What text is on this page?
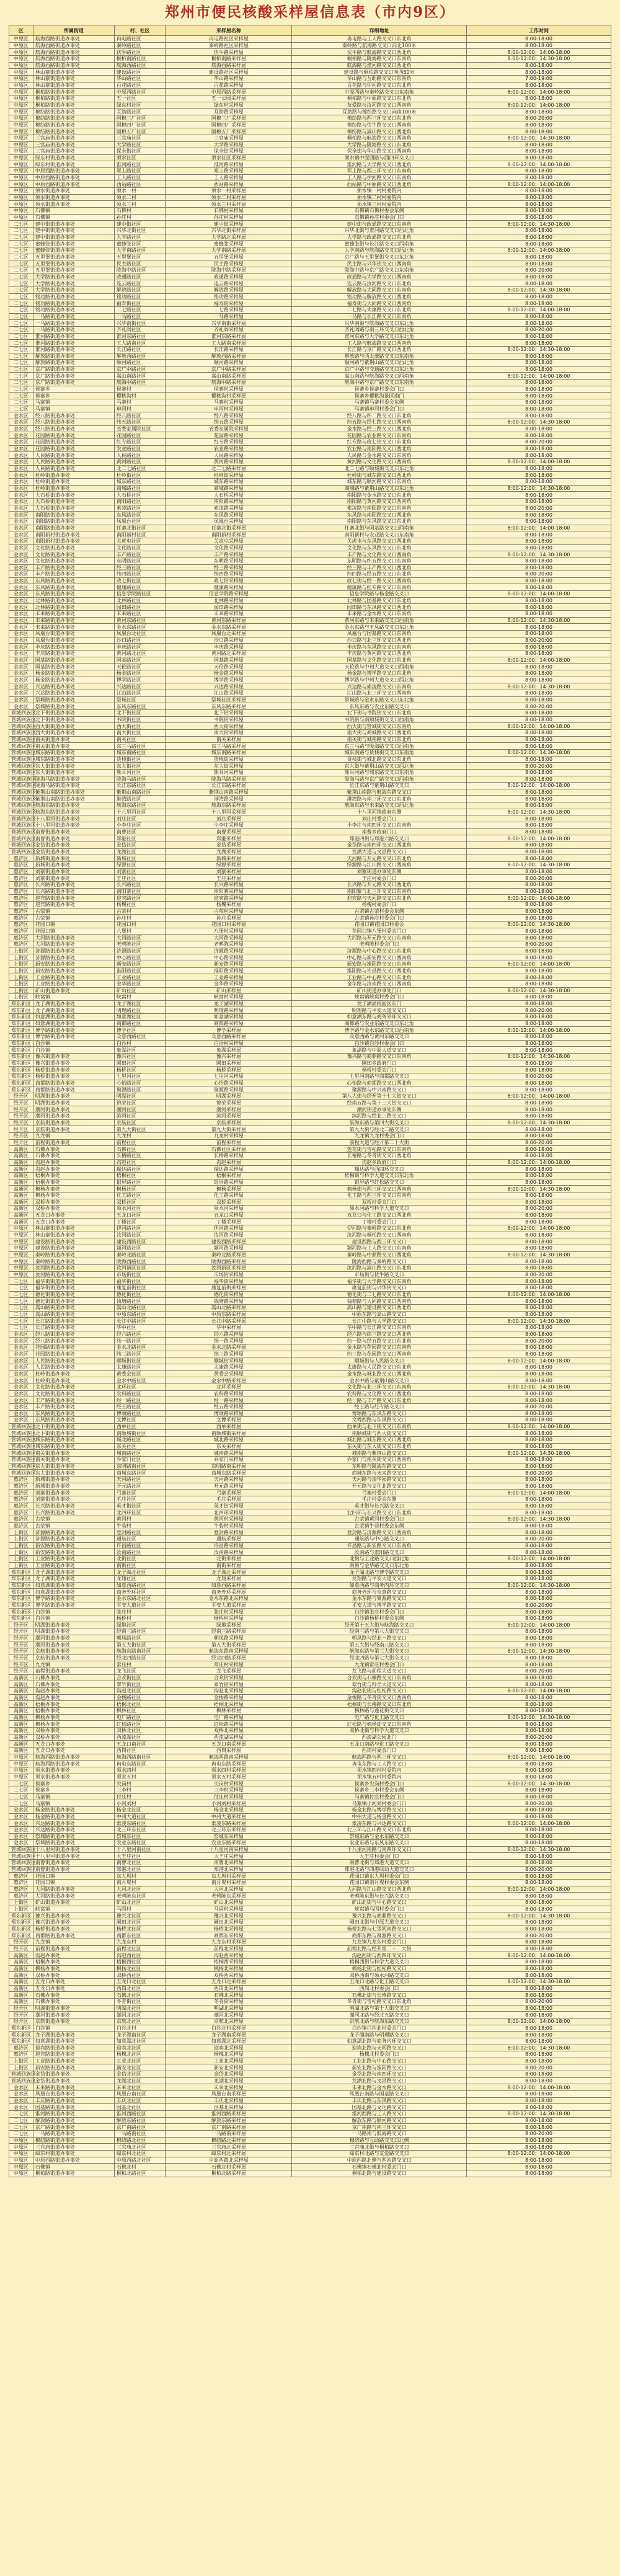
郑州市便民核酸采样屋信息表（市内9区）
区	所属街道	村、社区	采样屋名称	详细地址	工作时间
中原区	航海西路街道办事处	冉屯路社区	冉屯路社区采样屋	冉屯路与工人路交叉口东北角	8:00-18:00
中原区	航海西路街道办事处	秦岭路社区	秦岭路社区采样屋	秦岭路与航海路交叉口向北100米	8:00-18:00
中原区	航海西路街道办事处	伏牛路社区	伏牛路采样屋	伏牛路与航海路交叉口西北角	8:00-12:00；14:00-18:00
中原区	航海西路街道办事处	桐柏南路社区	桐柏南路采样屋	桐柏路与陇海路交叉口东南角	8:00-12:00；14:30-18:00
中原区	航海西路街道办事处	航海西路社区	航海西路采样屋	航海路与淮河路交叉口西北角	8:00-18:00
中原区	林山寨街道办事处	建设路社区	建设路社区采样屋	建设路与桐柏路交叉口向西50米	8:00-18:00
中原区	林山寨街道办事处	华山路社区	华山路采样屋	华山路与互助路交叉口东南角	7:00-19:00
中原区	林山寨街道办事处	百花路社区	百花路采样屋	百花路与伊河路交叉口东北角	8:00-18:00
中原区	桐柏路街道办事处	中原西路社区	中原西路采样屋	中原西路与秦岭路交叉口东南角	8:00-12:00；14:00-18:00
中原区	桐柏路街道办事处	五一社区	五一公园采样屋	桐柏路与中原路交叉口东北角	8:00-18:00
中原区	桐柏路街道办事处	绿东村社区	绿东村采样屋	友爱路与汝河路交叉口西南角	8:00-12:00；14:00-18:00
中原区	棉纺路街道办事处	互助路社区	互助路采样屋	互助路与棉纺路交叉口向南100米	8:00-18:00
中原区	棉纺路街道办事处	国棉三厂社区	国棉三厂采样屋	棉纺路与西三环交叉口东北角	8:00-20:00
中原区	棉纺路街道办事处	国棉四厂社区	国棉四厂采样屋	棉纺路与伏牛路交叉口西南角	8:00-18:00
中原区	棉纺路街道办事处	国棉五厂社区	国棉五厂采样屋	棉纺路与嵩山路交叉口西北角	8:00-18:00
中原区	三官庙街道办事处	三官庙社区	三官庙采样屋	桐柏路与航海路交叉口西南角	8:00-12:00；14:30-18:00
中原区	三官庙街道办事处	大学路社区	大学路采样屋	大学路与陇海路交叉口东北角	8:00-18:00
中原区	三官庙街道办事处	保全街社区	保全街采样屋	保全街与华山路交叉口西南角	8:00-18:00
中原区	绿东村街道办事处	须水社区	须水社区采样屋	须水镇中原西路与西四环交叉口	8:00-18:00
中原区	绿东村街道办事处	淮河路社区	淮河路采样屋	淮河路与大学路交叉口西北角	8:00-12:00；14:00-18:00
中原区	中原西路街道办事处	郑上路社区	郑上路采样屋	郑上路与西三环交叉口东南角	8:00-18:00
中原区	中原西路街道办事处	工人路社区	工人路采样屋	工人路与伊河路交叉口东南角	8:00-18:00
中原区	中原西路街道办事处	西站路社区	西站路采样屋	西站路与中原路交叉口西北角	8:00-12:00；14:00-18:00
中原区	须水街道办事处	须水一村	须水一村采样屋	须水镇一村村委院内	8:00-18:00
中原区	须水街道办事处	须水二村	须水二村采样屋	须水镇二村村委院内	8:00-18:00
中原区	须水街道办事处	须水三村	须水三村采样屋	须水镇三村村委院内	8:00-18:00
中原区	石佛镇	石佛村	石佛村采样屋	石佛镇石佛村委会东侧	8:00-18:00
中原区	石佛镇	孙庄村	孙庄村采样屋	石佛镇孙庄村委会门口	8:00-18:00
二七区	建中街街道办事处	建中街社区	建中街采样屋	建中街与政通路交叉口东南角	8:00-12:00；14:30-18:00
二七区	建中街街道办事处	兴华北街社区	兴华北街采样屋	兴华北街与淮河路交叉口西北角	8:00-18:00
二七区	建中街街道办事处	大学路社区	大学路北采样屋	大学路与政通路交叉口东北角	8:00-18:00
二七区	蜜蜂张街道办事处	蜜蜂张社区	蜜蜂张采样屋	蜜蜂张街与长江路交叉口西南角	8:00-18:00
二七区	蜜蜂张街道办事处	大学南路社区	大学南路采样屋	大学南路与航海路交叉口西北角	8:00-12:00；14:00-18:00
二七区	五里堡街道办事处	五里堡社区	五里堡采样屋	京广路与五里堡街交叉口东北角	8:00-18:00
二七区	五里堡街道办事处	民主路社区	民主路采样屋	民主路与兴华街交叉口西南角	8:00-18:00
二七区	五里堡街道办事处	陇海中路社区	陇海中路采样屋	陇海中路与京广路交叉口东南角	8:00-20:00
二七区	大学路街道办事处	政通路社区	政通路采样屋	政通路与大学路交叉口西南角	8:00-18:00
二七区	大学路街道办事处	连云路社区	连云路采样屋	连云路与汝河路交叉口东北角	8:00-18:00
二七区	大学路街道办事处	解放路社区	解放路采样屋	解放路与大同路交叉口东南角	8:00-12:00；14:30-18:00
二七区	铭功路街道办事处	铭功路社区	铭功路采样屋	铭功路与解放路交叉口西北角	8:00-18:00
二七区	铭功路街道办事处	福寿街社区	福寿街采样屋	福寿街与大同路交叉口西南角	8:00-18:00
二七区	铭功路街道办事处	二七路社区	二七路采样屋	二七路与太康路交叉口东北角	8:00-12:00；14:00-18:00
二七区	一马路街道办事处	一马路社区	一马路采样屋	一马路与长江路交叉口东南角	8:00-18:00
二七区	一马路街道办事处	兴华南街社区	兴华南街采样屋	兴华南街与航海路交叉口东北角	8:00-18:00
二七区	一马路街道办事处	齐礼阎社区	齐礼阎采样屋	齐礼阎路与南三环交叉口西北角	8:00-20:00
二七区	淮河路街道办事处	淮河东路社区	淮河东路采样屋	淮河东路与大学路交叉口东北角	8:00-18:00
二七区	淮河路街道办事处	工人路南社区	工人路南采样屋	工人路与航海路交叉口西南角	8:00-18:00
二七区	淮河路街道办事处	长江路社区	长江路采样屋	长江路与京广路交叉口西北角	8:00-12:00；14:30-18:00
二七区	解放路街道办事处	解放西路社区	解放西路采样屋	解放路与西太康路交叉口东南角	8:00-18:00
二七区	解放路街道办事处	顺河路社区	顺河路采样屋	顺河路与紫荆山路交叉口西北角	8:00-18:00
二七区	京广路街道办事处	京广中路社区	京广中路采样屋	京广中路与交通路交叉口东北角	8:00-18:00
二七区	京广路街道办事处	嵩山南路社区	嵩山南路采样屋	嵩山南路与航海路交叉口西南角	8:00-12:00；14:00-18:00
二七区	京广路街道办事处	航海中路社区	航海中路采样屋	航海中路与京广路交叉口东南角	8:00-18:00
二七区	侯寨乡	侯寨村	侯寨村采样屋	侯寨乡侯寨村委会门口	8:00-18:00
二七区	侯寨乡	樱桃沟村	樱桃沟村采样屋	侯寨乡樱桃沟景区南门	8:00-18:00
二七区	马寨镇	马寨村	马寨村采样屋	马寨镇马寨村委会东侧	8:00-18:00
二七区	马寨镇	申河村	申河村采样屋	马寨镇申河村委会门口	8:00-18:00
金水区	经八路街道办事处	经八路社区	经八路采样屋	经八路与纬二路交叉口东北角	8:00-18:00
金水区	经八路街道办事处	纬五路社区	纬五路采样屋	纬五路与经七路交叉口西南角	8:00-12:00；14:30-18:00
金水区	经八路街道办事处	省委家属院社区	省委家属院采样屋	金水路与经三路交叉口西北角	8:00-18:00
金水区	花园路街道办事处	花园路社区	花园路采样屋	花园路与农业路交叉口东南角	8:00-18:00
金水区	花园路街道办事处	红专路社区	红专路采样屋	红专路与政七街交叉口东北角	8:00-20:00
金水区	花园路街道办事处	农业路社区	农业路采样屋	农业路与南阳路交叉口西北角	8:00-18:00
金水区	人民路街道办事处	人民路社区	人民路采样屋	人民路与金水路交叉口东南角	8:00-18:00
金水区	人民路街道办事处	黄河路社区	黄河路采样屋	黄河路与文化路交叉口西南角	8:00-12:00；14:00-18:00
金水区	人民路街道办事处	北二七路社区	北二七路采样屋	北二七路与顺城街交叉口东北角	8:00-18:00
金水区	杜岭街道办事处	杜岭街社区	杜岭街采样屋	杜岭街与城东路交叉口西北角	8:00-18:00
金水区	杜岭街道办事处	城东路社区	城东路采样屋	城东路与顺河路交叉口东南角	8:00-18:00
金水区	杜岭街道办事处	商城路社区	商城路采样屋	商城路与紫荆山路交叉口东北角	8:00-12:00；14:30-18:00
金水区	大石桥街道办事处	大石桥社区	大石桥采样屋	南阳路与金水路交叉口东北角	8:00-18:00
金水区	大石桥街道办事处	南阳路社区	南阳路采样屋	南阳路与黄河路交叉口西南角	8:00-18:00
金水区	大石桥街道办事处	索凌路社区	索凌路采样屋	索凌路与南阳路交叉口东南角	8:00-20:00
金水区	南阳路街道办事处	东风路社区	东风路采样屋	东风路与南阳路交叉口西北角	8:00-18:00
金水区	南阳路街道办事处	凤凰台社区	凤凰台采样屋	南阳路与东风路交叉口东北角	8:00-18:00
金水区	南阳路街道办事处	任寨北街社区	任寨北街采样屋	任寨北街与国基路交叉口西南角	8:00-12:00；14:00-18:00
金水区	南阳新村街道办事处	南阳新村社区	南阳新村采样屋	南阳新村与农业路交叉口东南角	8:00-18:00
金水区	南阳新村街道办事处	关虎屯社区	关虎屯采样屋	关虎屯与东风路交叉口西北角	8:00-18:00
金水区	文化路街道办事处	文化路社区	文化路采样屋	文化路与东风路交叉口东北角	8:00-18:00
金水区	文化路街道办事处	丰产路社区	丰产路采样屋	丰产路与文化路交叉口西南角	8:00-12:00；14:30-18:00
金水区	文化路街道办事处	东明路社区	东明路采样屋	东明路与纬五路交叉口东南角	8:00-18:00
金水区	丰产路街道办事处	经三路社区	经三路采样屋	经三路与丰产路交叉口西北角	8:00-18:00
金水区	丰产路街道办事处	纬四路社区	纬四路采样屋	纬四路与经五路交叉口东北角	8:00-20:00
金水区	东风路街道办事处	政七街社区	政七街采样屋	政七街与经一路交叉口西南角	8:00-18:00
金水区	东风路街道办事处	健康路社区	健康路采样屋	健康路与红专路交叉口东南角	8:00-18:00
金水区	东风路街道办事处	信息学院路社区	信息学院路采样屋	信息学院路与杨金路交叉口	8:00-12:00；14:00-18:00
金水区	北林路街道办事处	北林路社区	北林路采样屋	北林路与国基路交叉口东北角	8:00-18:00
金水区	北林路街道办事处	园田路社区	园田路采样屋	园田路与东风路交叉口西北角	8:00-18:00
金水区	未来路街道办事处	未来路社区	未来路采样屋	未来路与金水路交叉口东南角	8:00-18:00
金水区	未来路街道办事处	黄河东路社区	黄河东路采样屋	黄河东路与未来路交叉口西南角	8:00-12:00；14:30-18:00
金水区	未来路街道办事处	金水东路社区	金水东路采样屋	金水东路与玉凤路交叉口东北角	8:00-18:00
金水区	凤凰台街道办事处	凤凰台北社区	凤凰台北采样屋	凤凰台与国基路交叉口东南角	8:00-18:00
金水区	凤凰台街道办事处	沙口路社区	沙口路采样屋	沙口路与北三环交叉口西北角	8:00-20:00
金水区	丰庆路街道办事处	丰庆路社区	丰庆路采样屋	丰庆路与东风路交叉口东南角	8:00-18:00
金水区	丰庆路街道办事处	黄河路北社区	黄河路北采样屋	丰庆路与黄河路交叉口西北角	8:00-18:00
金水区	国基路街道办事处	国基路社区	国基路采样屋	国基路与文化路交叉口东北角	8:00-12:00；14:00-18:00
金水区	国基路街道办事处	天伦路社区	天伦路采样屋	天伦路与中州大道交叉口西南角	8:00-18:00
金水区	杨金路街道办事处	杨金路社区	杨金路采样屋	杨金路与博学路交叉口东北角	8:00-18:00
金水区	杨金路街道办事处	博学路社区	博学路采样屋	博学路与中州大道交叉口西北角	8:00-18:00
金水区	兴达路街道办事处	兴达路社区	兴达路采样屋	兴达路与索凌路交叉口东南角	8:00-12:00；14:30-18:00
金水区	兴达路街道办事处	江山路社区	江山路采样屋	江山路与北三环交叉口西南角	8:00-18:00
金水区	祭城路街道办事处	祭城社区	祭城社区采样屋	祭城路与金水东路交叉口东北角	8:00-18:00
金水区	祭城路街道办事处	东风东路社区	东风东路采样屋	东风东路与农业东路交叉口	8:00-20:00
管城回族区	北下街街道办事处	北下街社区	北下街采样屋	北下街与书院街交叉口东北角	8:00-18:00
管城回族区	北下街街道办事处	书院街社区	书院街采样屋	书院街与南顺城街交叉口西南角	8:00-18:00
管城回族区	西大街街道办事处	西大街社区	西大街采样屋	西大街与管城街交叉口东南角	8:00-12:00；14:00-18:00
管城回族区	西大街街道办事处	南大街社区	南大街采样屋	南大街与商城路交叉口西北角	8:00-18:00
管城回族区	南关街道办事处	南关社区	南关采样屋	南关街与城南路交叉口东北角	8:00-18:00
管城回族区	南关街道办事处	东三马路社区	东三马路采样屋	东三马路与陇海路交叉口西南角	8:00-18:00
管城回族区	城东路街道办事处	城东南路社区	城东南路采样屋	城东南路与货栈街交叉口东南角	8:00-12:00；14:30-18:00
管城回族区	城东路街道办事处	货栈街社区	货栈街采样屋	货栈街与城北路交叉口东北角	8:00-18:00
管城回族区	东大街街道办事处	东大街社区	东大街采样屋	东大街与紫荆山路交叉口西北角	8:00-20:00
管城回族区	东大街街道办事处	熊耳河社区	熊耳河采样屋	熊耳河路与城东路交叉口东南角	8:00-18:00
管城回族区	陇海马路街道办事处	陇海马路社区	陇海马路采样屋	陇海马路与京广路交叉口西南角	8:00-18:00
管城回族区	陇海马路街道办事处	长江东路社区	长江东路采样屋	长江东路与紫荆山路交叉口	8:00-12:00；14:00-18:00
管城回族区	紫荆山南路街道办事处	紫荆山南路社区	紫荆山南路采样屋	紫荆山南路与航海东路交叉口	8:00-18:00
管城回族区	紫荆山南路街道办事处	港湾路社区	港湾路采样屋	港湾路与南三环交叉口东北角	8:00-18:00
管城回族区	航海东路街道办事处	航海东路社区	航海东路采样屋	航海东路与未来路交叉口西北角	8:00-18:00
管城回族区	航海东路街道办事处	十八里河社区	十八里河采样屋	十八里河镇政府东侧	8:00-12:00；14:30-18:00
管城回族区	十八里河街道办事处	刘庄社区	刘庄采样屋	刘庄村委会门口	8:00-18:00
管城回族区	十八里河街道办事处	小李庄社区	小李庄采样屋	小李庄与南四环交叉口东南角	8:00-18:00
管城回族区	南曹街道办事处	南曹社区	南曹采样屋	南曹乡政府门口	8:00-18:00
管城回族区	南曹街道办事处	郑港社区	郑港采样屋	郑港四街与郑港六路交叉口	8:00-12:00；14:00-18:00
管城回族区	金岱街道办事处	金岱社区	金岱采样屋	金岱路与南四环交叉口西北角	8:00-18:00
管城回族区	金岱街道办事处	龙湖社区	龙湖采样屋	龙湖大道与文昌路交叉口	8:00-18:00
惠济区	新城街道办事处	新城社区	新城采样屋	天河路与开元路交叉口东北角	8:00-18:00
惠济区	新城街道办事处	绿源社区	绿源采样屋	绿源路与江山路交叉口西南角	8:00-12:00；14:30-18:00
惠济区	刘寨街道办事处	刘寨社区	刘寨采样屋	刘寨街道办事处东侧	8:00-18:00
惠济区	刘寨街道办事处	王庄社区	王庄采样屋	王庄村委会门口	8:00-20:00
惠济区	长兴路街道办事处	长兴路社区	长兴路采样屋	长兴路与开元路交叉口西北角	8:00-18:00
惠济区	长兴路街道办事处	南阳寨社区	南阳寨采样屋	南阳寨与北三环交叉口东南角	8:00-18:00
惠济区	迎宾路街道办事处	迎宾路社区	迎宾路采样屋	迎宾路与天河路交叉口东北角	8:00-12:00；14:00-18:00
惠济区	迎宾路街道办事处	杨槐社区	杨槐采样屋	杨槐村委会门口	8:00-18:00
惠济区	古荥镇	古荥村	古荥村采样屋	古荥镇古荥村委会东侧	8:00-18:00
惠济区	古荥镇	孙庄村	孙庄采样屋	古荥镇孙庄村委会门口	8:00-18:00
惠济区	花园口镇	花园口村	花园口村采样屋	花园口镇花园口村委会	8:00-12:00；14:30-18:00
惠济区	花园口镇	八堡村	八堡村采样屋	花园口镇八堡村委会门口	8:00-18:00
惠济区	大河路街道办事处	大河路社区	大河路采样屋	大河路与开元路交叉口东南角	8:00-18:00
惠济区	大河路街道办事处	老鸦陈社区	老鸦陈采样屋	老鸦陈村委会门口	8:00-20:00
上街区	济源路街道办事处	济源路社区	济源路采样屋	济源路与中心路交叉口东北角	8:00-18:00
上街区	济源路街道办事处	中心路社区	中心路采样屋	中心路与新安路交叉口西南角	8:00-18:00
上街区	新安路街道办事处	新安路社区	新安路采样屋	新安路与淮阳路交叉口东南角	8:00-12:00；14:00-18:00
上街区	新安路街道办事处	淮阳路社区	淮阳路采样屋	淮阳路与许昌路交叉口西北角	8:00-18:00
上街区	工业路街道办事处	工业路社区	工业路采样屋	工业路与中心路交叉口东北角	8:00-18:00
上街区	工业路街道办事处	金华路社区	金华路采样屋	金华路与汝南路交叉口西南角	8:00-18:00
上街区	矿山街道办事处	矿山社区	矿山采样屋	矿山街道办事处门口	8:00-12:00；14:30-18:00
上街区	峡窝镇	峡窝村	峡窝村采样屋	峡窝镇峡窝村委会门口	8:00-18:00
郑东新区	龙子湖街道办事处	龙子湖社区	龙子湖采样屋	龙子湖高校园区东门	8:00-18:00
郑东新区	龙子湖街道办事处	明理路社区	明理路采样屋	明理路与平安大道交叉口	8:00-20:00
郑东新区	如意湖街道办事处	如意湖社区	如意湖采样屋	如意湖东路与商务外环交叉口	8:00-18:00
郑东新区	如意湖街道办事处	商都路社区	商都路采样屋	商都路与农业东路交叉口东北角	8:00-18:00
郑东新区	博学路街道办事处	博学社区	博学采样屋	博学路与金水东路交叉口西南角	8:00-12:00；14:00-18:00
郑东新区	博学路街道办事处	众意西路社区	众意西路采样屋	众意西路与黄河东路交叉口	8:00-18:00
郑东新区	白沙镇	白沙村	白沙村采样屋	白沙镇白沙村委会门口	8:00-18:00
郑东新区	白沙镇	象湖社区	象湖采样屋	象湖路与中原大道交叉口	8:00-18:00
郑东新区	豫兴街道办事处	豫兴社区	豫兴采样屋	豫兴路与商鼎路交叉口东南角	8:00-12:00；14:30-18:00
郑东新区	豫兴街道办事处	圃田社区	圃田采样屋	圃田乡政府门口	8:00-18:00
郑东新区	杨桥街道办事处	杨桥社区	杨桥采样屋	杨桥村委会门口	8:00-18:00
郑东新区	杨桥街道办事处	七里河社区	七里河采样屋	七里河南路与商都路交叉口	8:00-20:00
郑东新区	商都路街道办事处	心怡路社区	心怡路采样屋	心怡路与商都路交叉口西北角	8:00-18:00
郑东新区	商都路街道办事处	聚源路社区	聚源路采样屋	聚源路与中兴南路交叉口	8:00-18:00
经开区	明湖街道办事处	明湖社区	明湖采样屋	第八大街与经开第十七大街交叉口	8:00-12:00；14:00-18:00
经开区	明湖街道办事处	锦荣社区	锦荣采样屋	经南五路与第十三大街交叉口	8:00-18:00
经开区	潮河街道办事处	潮河社区	潮河采样屋	潮河街道办事处东侧	8:00-18:00
经开区	潮河街道办事处	滨河社区	滨河采样屋	滨河路与经北三路交叉口	8:00-18:00
经开区	京航街道办事处	京航社区	京航采样屋	航海东路与第四大街交叉口	8:00-12:00；14:30-18:00
经开区	京航街道办事处	第九大街社区	第九大街采样屋	第九大街与经北二路交叉口	8:00-18:00
经开区	九龙镇	九龙村	九龙村采样屋	九龙镇九龙村委会门口	8:00-18:00
经开区	前程街道办事处	前程社区	前程采样屋	前程大道与经开第二十大街	8:00-20:00
高新区	石佛办事处	石佛社区	石佛社区采样屋	莲花街与雪松路交叉口东南角	8:00-18:00
高新区	石佛办事处	长椿路社区	长椿路采样屋	长椿路与冬青街交叉口西北角	8:00-18:00
高新区	沟赵办事处	沟赵社区	沟赵采样屋	沟赵乡政府门口	8:00-12:00；14:00-18:00
高新区	沟赵办事处	瑞达路社区	瑞达路采样屋	瑞达路与西四环交叉口	8:00-18:00
高新区	梧桐办事处	梧桐社区	梧桐采样屋	梧桐街与科学大道交叉口东北角	8:00-18:00
高新区	梧桐办事处	银屏路社区	银屏路采样屋	银屏路与红松路交叉口	8:00-18:00
高新区	枫杨办事处	枫杨社区	枫杨采样屋	枫杨街与西三环交叉口西南角	8:00-12:00；14:30-18:00
高新区	枫杨办事处	化工路社区	化工路采样屋	化工路与西三环交叉口东南角	8:00-18:00
高新区	双桥办事处	双桥社区	双桥采样屋	双桥村委会门口	8:00-18:00
高新区	双桥办事处	须水河社区	须水河采样屋	须水河路与科学大道交叉口	8:00-20:00
高新区	五龙口办事处	五龙口社区	五龙口采样屋	五龙口与化工路交叉口西北角	8:00-18:00
高新区	五龙口办事处	丁楼社区	丁楼采样屋	丁楼村委会门口	8:00-18:00
中原区	林山寨街道办事处	伊河路社区	伊河路采样屋	伊河路与秦岭路交叉口东北角	8:00-12:00；14:00-18:00
中原区	林山寨街道办事处	汝河路社区	汝河路采样屋	汝河路与桐柏路交叉口西南角	8:00-18:00
中原区	建设路街道办事处	建设西路社区	建设西路采样屋	建设西路与西三环交叉口	8:00-18:00
中原区	建设路街道办事处	颍河路社区	颍河路采样屋	颍河路与工人路交叉口东南角	8:00-18:00
中原区	秦岭路街道办事处	秦岭北路社区	秦岭北路采样屋	秦岭路与中原路交叉口西北角	8:00-12:00；14:30-18:00
中原区	秦岭路街道办事处	陇海西路社区	陇海西路采样屋	陇海西路与秦岭路交叉口	8:00-18:00
中原区	汝河路街道办事处	汝河新区社区	汝河新区采样屋	汝河路与嵩山路交叉口东北角	8:00-18:00
中原区	汝河路街道办事处	市场街社区	市场街采样屋	市场街与伏牛路交叉口	8:00-20:00
二七区	福华街街道办事处	福华街社区	福华街采样屋	福华街与大学路交叉口东南角	8:00-18:00
二七区	福华街街道办事处	康复前街社区	康复前街采样屋	康复前街与兴华街交叉口	8:00-18:00
二七区	德化街街道办事处	德化街社区	德化街采样屋	德化街与二七路交叉口东北角	8:00-12:00；14:00-18:00
二七区	德化街街道办事处	钱塘路社区	钱塘路采样屋	钱塘路与大同路交叉口西南角	8:00-18:00
二七区	嵩山路街道办事处	嵩山北路社区	嵩山北路采样屋	嵩山路与建设路交叉口西北角	8:00-18:00
二七区	嵩山路街道办事处	中原东路社区	中原东路采样屋	中原东路与嵩山路交叉口	8:00-18:00
二七区	长江路街道办事处	长江中路社区	长江中路采样屋	长江中路与大学路交叉口	8:00-12:00；14:30-18:00
二七区	长江路街道办事处	华中社区	华中采样屋	华中路与长江路交叉口东南角	8:00-18:00
金水区	经八路街道办事处	经六路社区	经六路采样屋	经六路与纬三路交叉口西北角	8:00-18:00
金水区	经八路街道办事处	纬一路社区	纬一路采样屋	纬一路与经五路交叉口东北角	8:00-20:00
金水区	花园路街道办事处	金水北路社区	金水北路采样屋	金水路与花园路交叉口东南角	8:00-18:00
金水区	花园路街道办事处	纬三路社区	纬三路采样屋	纬三路与花园路交叉口西南角	8:00-18:00
金水区	人民路街道办事处	顺城街社区	顺城街采样屋	顺城街与人民路交叉口	8:00-12:00；14:00-18:00
金水区	人民路街道办事处	太康路社区	太康路采样屋	太康路与人民路交叉口东北角	8:00-18:00
金水区	杜岭街道办事处	黄委会社区	黄委会采样屋	金水路与城北路交叉口西北角	8:00-18:00
金水区	杜岭街道办事处	金水中路社区	金水中路采样屋	金水中路与紫荆山路交叉口	8:00-18:00
金水区	文化路街道办事处	北环社区	北环采样屋	文化路与北三环交叉口东南角	8:00-12:00；14:30-18:00
金水区	文化路街道办事处	农科路社区	农科路采样屋	农科路与文化路交叉口西北角	8:00-18:00
金水区	丰产路街道办事处	经一路社区	经一路采样屋	经一路与丰产路交叉口东北角	8:00-18:00
金水区	丰产路街道办事处	经五路社区	经五路采样屋	经五路与红专路交叉口	8:00-20:00
金水区	东风路街道办事处	博颂路社区	博颂路采样屋	博颂路与东风东路交叉口	8:00-18:00
金水区	东风路街道办事处	文博社区	文博采样屋	文博西路与东风路交叉口	8:00-18:00
管城回族区	北下街街道办事处	西单社区	西单采样屋	西单街与北下街交叉口东南角	8:00-12:00；14:00-18:00
管城回族区	北下街街道办事处	南顺城街社区	南顺城街采样屋	南顺城街与西大街交叉口	8:00-18:00
管城回族区	城东路街道办事处	城北路社区	城北路采样屋	城北路与城东路交叉口西北角	8:00-18:00
管城回族区	城东路街道办事处	东关社区	东关采样屋	东关街与东大街交叉口东北角	8:00-18:00
管城回族区	南关街道办事处	城南路社区	城南路采样屋	城南路与紫荆山路交叉口	8:00-12:00；14:30-18:00
管城回族区	南关街道办事处	乔家门社区	乔家门采样屋	乔家门与南关街交叉口西南角	8:00-18:00
管城回族区	东大街街道办事处	东明路南社区	东明路南采样屋	东明路与陇海东路交叉口	8:00-18:00
管城回族区	东大街街道办事处	商城东路社区	商城东路采样屋	商城东路与未来路交叉口	8:00-20:00
惠济区	新城街道办事处	天河路社区	天河路采样屋	天河路与清华园路交叉口	8:00-18:00
惠济区	新城街道办事处	开元路社区	开元路采样屋	开元路与文化北路交叉口	8:00-18:00
惠济区	刘寨街道办事处	弓寨社区	弓寨采样屋	弓寨村委会门口	8:00-12:00；14:00-18:00
惠济区	刘寨街道办事处	毛庄社区	毛庄采样屋	毛庄村委会东侧	8:00-18:00
惠济区	长兴路街道办事处	英才街社区	英才街采样屋	英才街与长兴路交叉口	8:00-18:00
惠济区	长兴路街道办事处	北四环社区	北四环采样屋	北四环与长兴路交叉口东北角	8:00-18:00
惠济区	古荥镇	黄河村	黄河村采样屋	古荥镇黄河村委会门口	8:00-12:00；14:30-18:00
惠济区	古荥镇	牛砦村	牛砦村采样屋	古荥镇牛砦村委会东侧	8:00-18:00
上街区	济源路街道办事处	登封路社区	登封路采样屋	登封路与济源路交叉口西南角	8:00-18:00
上街区	济源路街道办事处	通航社区	通航采样屋	通航路与中心路交叉口	8:00-20:00
上街区	新安路街道办事处	许昌路社区	许昌路采样屋	许昌路与新安路交叉口东南角	8:00-18:00
上街区	新安路街道办事处	汝南路社区	汝南路采样屋	汝南路与淮阳路交叉口	8:00-18:00
上街区	工业路街道办事处	北街社区	北街采样屋	北街与工业路交叉口西北角	8:00-12:00；14:00-18:00
上街区	工业路街道办事处	南街社区	南街采样屋	南街与金华路交叉口东北角	8:00-18:00
郑东新区	龙子湖街道办事处	龙子湖北社区	龙子湖北采样屋	龙子湖北路与博学路交叉口	8:00-18:00
郑东新区	龙子湖街道办事处	龙翔社区	龙翔采样屋	龙翔路与平安大道交叉口	8:00-18:00
郑东新区	如意湖街道办事处	如意西路社区	如意西路采样屋	如意西路与商务内环交叉口	8:00-12:00；14:30-18:00
郑东新区	如意湖街道办事处	商务外环社区	商务外环采样屋	商务外环与众意路交叉口	8:00-18:00
郑东新区	博学路街道办事处	金水东路北社区	金水东路北采样屋	金水东路与聚源路交叉口	8:00-18:00
郑东新区	博学路街道办事处	平安大道社区	平安大道采样屋	平安大道与博学路交叉口	8:00-20:00
郑东新区	白沙镇	张庄村	张庄村采样屋	白沙镇张庄村委会门口	8:00-18:00
郑东新区	白沙镇	杨桥村	杨桥村采样屋	白沙镇杨桥村委会东侧	8:00-18:00
经开区	明湖街道办事处	绿地社区	绿地采样屋	经开第十五大街与航海路交叉口	8:00-12:00；14:00-18:00
经开区	明湖街道办事处	经南三路社区	经南三路采样屋	经南三路与第八大街交叉口	8:00-18:00
经开区	潮河街道办事处	朝凤路社区	朝凤路采样屋	朝凤路与经北一路交叉口	8:00-18:00
经开区	潮河街道办事处	第五大街社区	第五大街采样屋	第五大街与经南八路交叉口	8:00-18:00
经开区	京航街道办事处	航海东路南社区	航海东路南采样屋	航海东路与第三大街交叉口	8:00-12:00；14:30-18:00
经开区	京航街道办事处	经北四路社区	经北四路采样屋	经北四路与第七大街交叉口	8:00-18:00
经开区	九龙镇	常庄村	常庄村采样屋	九龙镇常庄村委会门口	8:00-18:00
经开区	前程街道办事处	龙飞社区	龙飞采样屋	龙飞路与前程大道交叉口	8:00-20:00
高新区	石佛办事处	合欢街社区	合欢街采样屋	合欢街与石楠路交叉口东南角	8:00-18:00
高新区	石佛办事处	翠竹街社区	翠竹街采样屋	翠竹街与科学大道交叉口	8:00-18:00
高新区	沟赵办事处	沟赵北社区	沟赵北采样屋	沟赵北街与红松路交叉口	8:00-12:00；14:00-18:00
高新区	沟赵办事处	金梭路社区	金梭路采样屋	金梭路与冬青街交叉口西南角	8:00-18:00
高新区	梧桐办事处	梧桐北社区	梧桐北采样屋	梧桐街与长椿路交叉口东北角	8:00-18:00
高新区	梧桐办事处	枫林社区	枫林采样屋	枫林路与莲花街交叉口	8:00-18:00
高新区	枫杨办事处	电厂路社区	电厂路采样屋	电厂路与化工路交叉口	8:00-12:00；14:30-18:00
高新区	枫杨办事处	红松路社区	红松路采样屋	红松路与枫杨街交叉口东南角	8:00-18:00
高新区	双桥办事处	双桥北社区	双桥北采样屋	双桥北街与科学大道交叉口	8:00-18:00
高新区	双桥办事处	西流湖社区	西流湖采样屋	西流湖公园北门	8:00-20:00
高新区	五龙口办事处	五龙口南社区	五龙口南采样屋	五龙口南路与化工路交叉口	8:00-18:00
高新区	五龙口办事处	西岗社区	西岗采样屋	西岗村委会门口	8:00-18:00
中原区	航海西路街道办事处	航海西路南社区	航海西路南采样屋	航海西路与西三环交叉口	8:00-12:00；14:00-18:00
中原区	航海西路街道办事处	冉屯东路社区	冉屯东路采样屋	冉屯东路与工人路交叉口	8:00-18:00
中原区	须水街道办事处	须水四村	须水四村采样屋	须水镇四村村委院内	8:00-18:00
中原区	须水街道办事处	须水五村	须水五村采样屋	须水镇五村村委院内	8:00-18:00
二七区	侯寨乡	尖岗村	尖岗村采样屋	侯寨乡尖岗村委会门口	8:00-12:00；14:30-18:00
二七区	侯寨乡	三李村	三李村采样屋	侯寨乡三李村委会东侧	8:00-18:00
二七区	马寨镇	付庄村	付庄村采样屋	马寨镇付庄村委会门口	8:00-18:00
二七区	马寨镇	小河刘村	小河刘村采样屋	马寨镇小河刘村委会门口	8:00-20:00
金水区	杨金路街道办事处	杨金北社区	杨金北采样屋	杨金北路与博学路交叉口	8:00-18:00
金水区	杨金路街道办事处	中州大道社区	中州大道采样屋	中州大道与杨金路交叉口	8:00-18:00
金水区	兴达路街道办事处	索凌东路社区	索凌东路采样屋	索凌东路与兴达路交叉口	8:00-12:00；14:00-18:00
金水区	兴达路街道办事处	北三环东社区	北三环东采样屋	北三环与江山路交叉口东北角	8:00-18:00
金水区	祭城路街道办事处	祭城东社区	祭城东采样屋	祭城东路与金水东路交叉口	8:00-18:00
金水区	祭城路街道办事处	农业东路社区	农业东路采样屋	农业东路与东风东路交叉口	8:00-18:00
管城回族区	十八里河街道办事处	十八里河南社区	十八里河南采样屋	十八里河南路与南四环交叉口	8:00-12:00；14:30-18:00
管城回族区	十八里河街道办事处	大王庄社区	大王庄采样屋	大王庄村委会门口	8:00-18:00
管城回族区	南曹街道办事处	南曹北社区	南曹北采样屋	南曹北街与郑港大道交叉口	8:00-18:00
管城回族区	南曹街道办事处	郑港北社区	郑港北采样屋	郑港北路与四港联动大道交叉口	8:00-20:00
惠济区	花园口镇	东大坝村	东大坝村采样屋	花园口镇东大坝村委会门口	8:00-18:00
惠济区	花园口镇	南月堤村	南月堤村采样屋	花园口镇南月堤村委会东侧	8:00-18:00
惠济区	大河路街道办事处	大河北社区	大河北采样屋	大河路与江山路交叉口西北角	8:00-12:00；14:00-18:00
惠济区	大河路街道办事处	老鸦陈东社区	老鸦陈东采样屋	老鸦陈东街与长兴路交叉口	8:00-18:00
上街区	矿山街道办事处	矿山北社区	矿山北采样屋	矿山北街与中心路交叉口	8:00-18:00
上街区	峡窝镇	马固村	马固村采样屋	峡窝镇马固村委会门口	8:00-18:00
郑东新区	豫兴街道办事处	豫兴北社区	豫兴北采样屋	豫兴北路与商鼎路交叉口	8:00-12:00；14:30-18:00
郑东新区	豫兴街道办事处	圃田北社区	圃田北采样屋	圃田北街与中原大道交叉口	8:00-18:00
郑东新区	杨桥街道办事处	杨桥北社区	杨桥北采样屋	杨桥北路与七里河南路交叉口	8:00-18:00
郑东新区	商都路街道办事处	商都东社区	商都东采样屋	商都东路与聚源路交叉口	8:00-20:00
经开区	九龙镇	九龙东村	九龙东村采样屋	九龙镇九龙东村委会门口	8:00-18:00
经开区	前程街道办事处	前程北社区	前程北采样屋	前程北路与经开第二十二大街	8:00-18:00
高新区	沟赵办事处	沟赵西社区	沟赵西采样屋	沟赵西街与西四环交叉口	8:00-12:00；14:00-18:00
高新区	梧桐办事处	梧桐西社区	梧桐西采样屋	梧桐西街与科学大道交叉口	8:00-18:00
高新区	枫杨办事处	枫杨北社区	枫杨北采样屋	枫杨北街与红松路交叉口	8:00-18:00
高新区	双桥办事处	双桥西社区	双桥西采样屋	双桥西街与须水河路交叉口	8:00-18:00
高新区	五龙口办事处	五龙口北社区	五龙口北采样屋	五龙口北路与化工路交叉口	8:00-12:00；14:30-18:00
高新区	五龙口办事处	西岗北社区	西岗北采样屋	西岗北村委会门口	8:00-18:00
高新区	石佛办事处	石佛北社区	石佛北采样屋	石佛北街与长椿路交叉口	8:00-18:00
高新区	石佛办事处	冬青街社区	冬青街采样屋	冬青街与雪松路交叉口东北角	8:00-20:00
经开区	明湖街道办事处	明湖北社区	明湖北采样屋	明湖北路与第十大街交叉口	8:00-18:00
经开区	潮河街道办事处	潮河北社区	潮河北采样屋	潮河北路与经北五路交叉口	8:00-18:00
经开区	京航街道办事处	京航北社区	京航北采样屋	京航北路与航海东路交叉口	8:00-12:00；14:00-18:00
郑东新区	白沙镇	白沙北村	白沙北村采样屋	白沙镇白沙北村委会门口	8:00-18:00
郑东新区	龙子湖街道办事处	龙子湖南社区	龙子湖南采样屋	龙子湖南路与明理路交叉口	8:00-18:00
郑东新区	如意湖街道办事处	如意湖北社区	如意湖北采样屋	如意湖北路与商务内环交叉口	8:00-18:00
惠济区	迎宾路街道办事处	迎宾北社区	迎宾北采样屋	迎宾北路与天河路交叉口	8:00-12:00；14:30-18:00
惠济区	迎宾路街道办事处	杨槐北社区	杨槐北采样屋	杨槐北村委会门口	8:00-18:00
上街区	工业路街道办事处	工业北社区	工业北采样屋	工业北路与中心路交叉口	8:00-18:00
上街区	新安路街道办事处	新安北社区	新安北采样屋	新安北路与淮阳路交叉口	8:00-20:00
管城回族区	金岱街道办事处	金岱北社区	金岱北采样屋	金岱北路与南四环交叉口	8:00-18:00
管城回族区	金岱街道办事处	龙湖北社区	龙湖北采样屋	龙湖北路与文昌路交叉口	8:00-18:00
金水区	未来路街道办事处	未来北社区	未来北采样屋	未来北路与金水路交叉口	8:00-12:00；14:00-18:00
金水区	凤凰台街道办事处	凤凰台南社区	凤凰台南采样屋	凤凰台南路与国基路交叉口	8:00-18:00
金水区	丰庆路街道办事处	丰庆北社区	丰庆北采样屋	丰庆北路与东风路交叉口	8:00-18:00
金水区	国基路街道办事处	国基北社区	国基北采样屋	国基北路与文化路交叉口	8:00-18:00
二七区	淮河路街道办事处	淮河西路社区	淮河西路采样屋	淮河西路与工人路交叉口	8:00-12:00；14:30-18:00
二七区	解放路街道办事处	解放东路社区	解放东路采样屋	解放东路与顺河路交叉口	8:00-18:00
二七区	京广路街道办事处	京广南路社区	京广南路采样屋	京广南路与南三环交叉口	8:00-18:00
二七区	一马路街道办事处	一马路南社区	一马路南采样屋	一马路南与航海路交叉口	8:00-20:00
中原区	棉纺路街道办事处	棉纺路北社区	棉纺路北采样屋	棉纺路与互助路交叉口北侧	8:00-18:00
中原区	三官庙街道办事处	三官庙北社区	三官庙北采样屋	三官庙北街与桐柏路交叉口	8:00-18:00
中原区	绿东村街道办事处	绿东村北社区	绿东村北采样屋	绿东村北路与友爱路交叉口	8:00-12:00；14:00-18:00
中原区	中原西路街道办事处	中原西路北社区	中原西路北采样屋	中原西路北侧与西站路交叉口	8:00-18:00
中原区	石佛镇	石佛北村	石佛北村采样屋	石佛镇石佛北村委会门口	8:00-18:00
中原区	桐柏路街道办事处	桐柏北路社区	桐柏北路采样屋	桐柏北路与建设路交叉口	8:00-18:00
